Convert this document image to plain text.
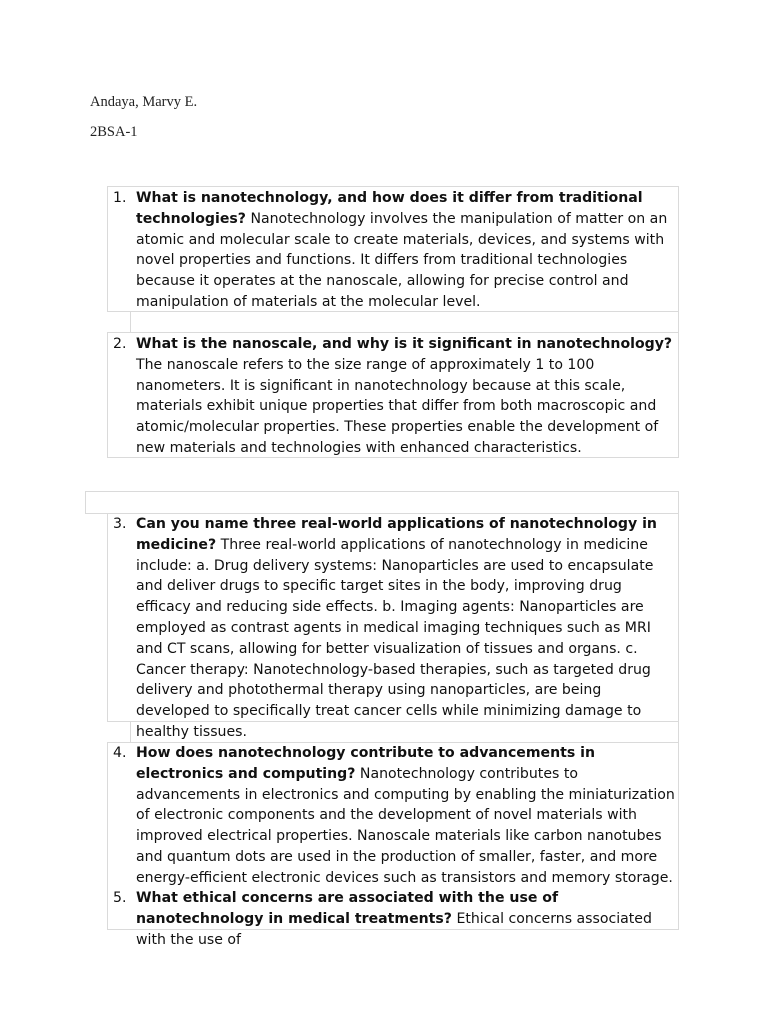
Andaya, Marvy E.
2BSA-1
1. What is nanotechnology, and how does it differ from traditional technologies? Nanotechnology involves the manipulation of matter on an atomic and molecular scale to create materials, devices, and systems with novel properties and functions. It differs from traditional technologies because it operates at the nanoscale, allowing for precise control and manipulation of materials at the molecular level.
2. What is the nanoscale, and why is it significant in nanotechnology? The nanoscale refers to the size range of approximately 1 to 100 nanometers. It is significant in nanotechnology because at this scale, materials exhibit unique properties that differ from both macroscopic and atomic/molecular properties. These properties enable the development of new materials and technologies with enhanced characteristics.
3. Can you name three real-world applications of nanotechnology in medicine? Three real-world applications of nanotechnology in medicine include: a. Drug delivery systems: Nanoparticles are used to encapsulate and deliver drugs to specific target sites in the body, improving drug efficacy and reducing side effects. b. Imaging agents: Nanoparticles are employed as contrast agents in medical imaging techniques such as MRI and CT scans, allowing for better visualization of tissues and organs. c. Cancer therapy: Nanotechnology-based therapies, such as targeted drug delivery and photothermal therapy using nanoparticles, are being developed to specifically treat cancer cells while minimizing damage to healthy tissues.
4. How does nanotechnology contribute to advancements in electronics and computing? Nanotechnology contributes to advancements in electronics and computing by enabling the miniaturization of electronic components and the development of novel materials with improved electrical properties. Nanoscale materials like carbon nanotubes and quantum dots are used in the production of smaller, faster, and more energy-efficient electronic devices such as transistors and memory storage.
5. What ethical concerns are associated with the use of nanotechnology in medical treatments? Ethical concerns associated with the use of
